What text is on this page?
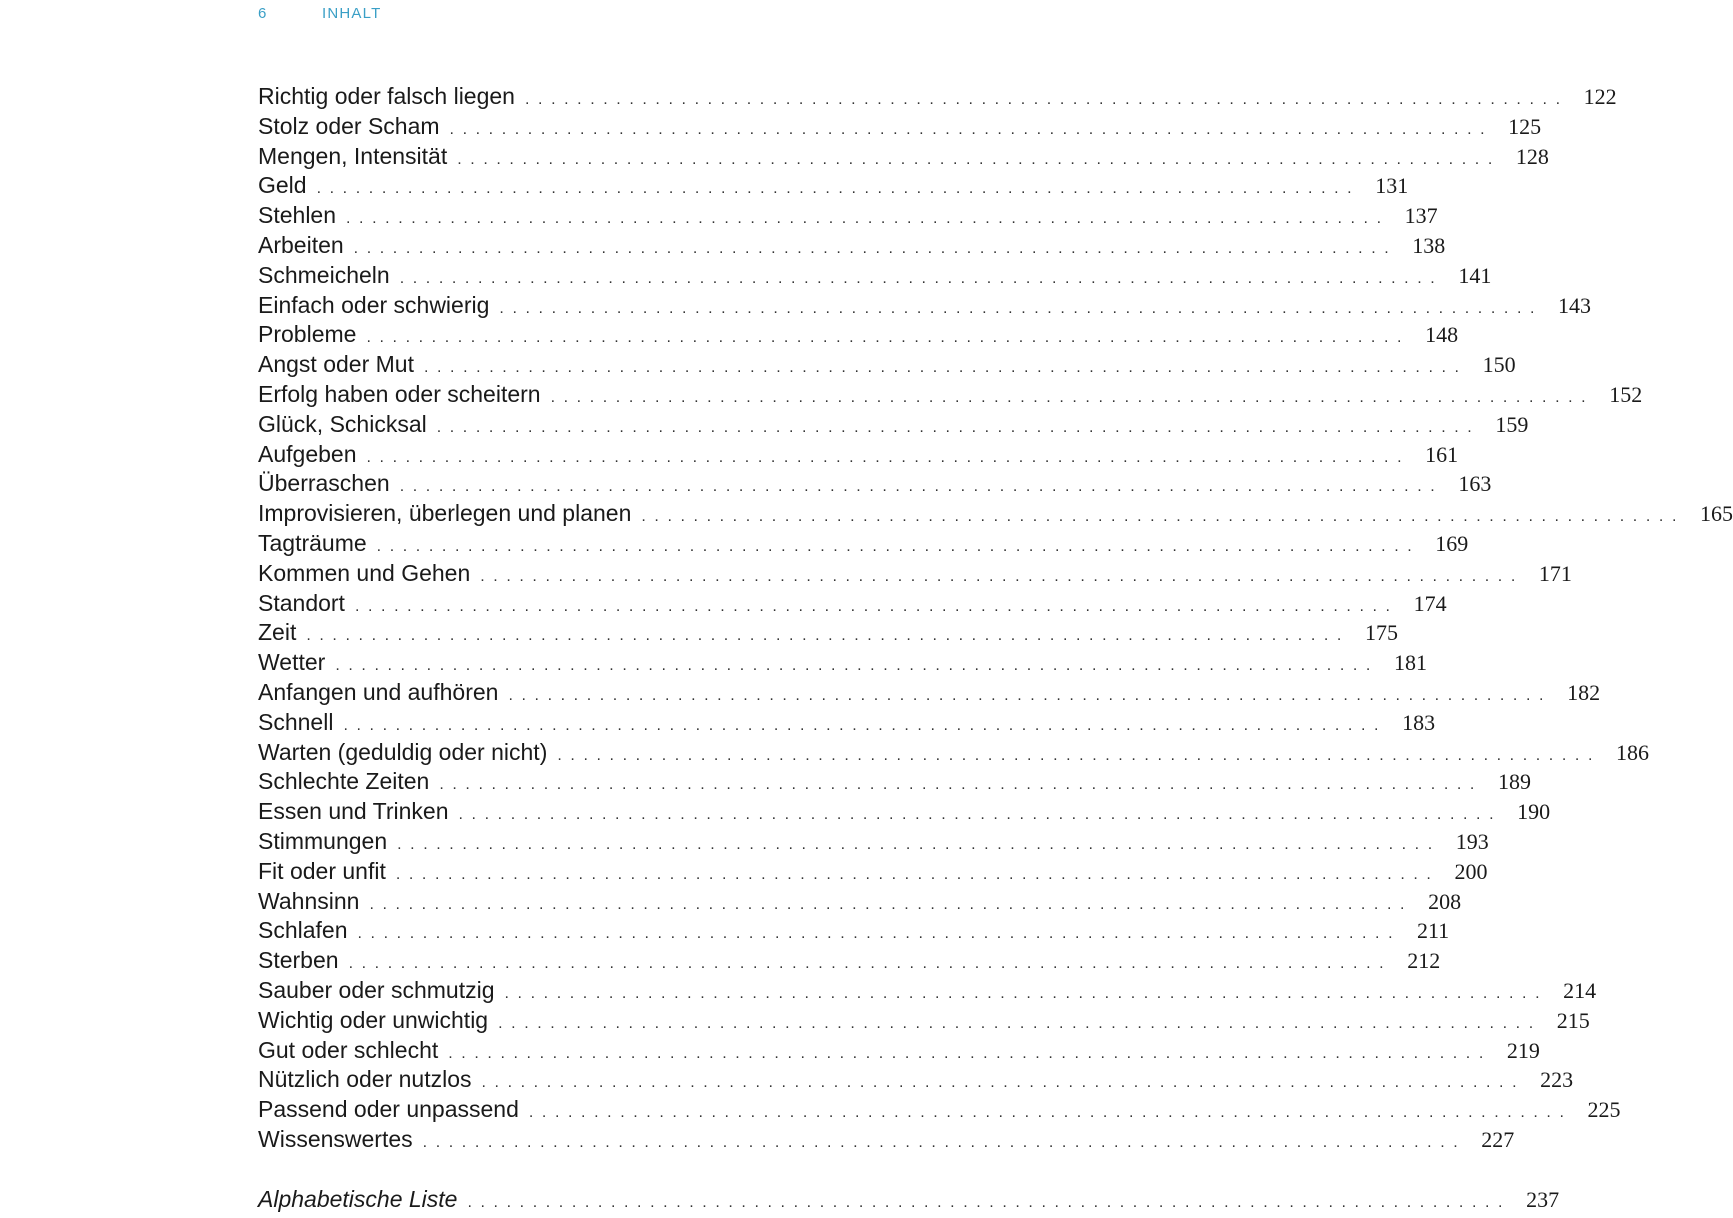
6	INHALT
Richtig oder falsch liegen ................................................................................ 122
Stolz oder Scham ................................................................................ 125
Mengen, Intensität ................................................................................ 128
Geld ................................................................................ 131
Stehlen ................................................................................ 137
Arbeiten ................................................................................ 138
Schmeicheln ................................................................................ 141
Einfach oder schwierig ................................................................................ 143
Probleme ................................................................................ 148
Angst oder Mut ................................................................................ 150
Erfolg haben oder scheitern ................................................................................ 152
Glück, Schicksal ................................................................................ 159
Aufgeben ................................................................................ 161
Überraschen ................................................................................ 163
Improvisieren, überlegen und planen ................................................................................ 165
Tagträume ................................................................................ 169
Kommen und Gehen ................................................................................ 171
Standort ................................................................................ 174
Zeit ................................................................................ 175
Wetter ................................................................................ 181
Anfangen und aufhören ................................................................................ 182
Schnell ................................................................................ 183
Warten (geduldig oder nicht) ................................................................................ 186
Schlechte Zeiten ................................................................................ 189
Essen und Trinken ................................................................................ 190
Stimmungen ................................................................................ 193
Fit oder unfit ................................................................................ 200
Wahnsinn ................................................................................ 208
Schlafen ................................................................................ 211
Sterben ................................................................................ 212
Sauber oder schmutzig ................................................................................ 214
Wichtig oder unwichtig ................................................................................ 215
Gut oder schlecht ................................................................................ 219
Nützlich oder nutzlos ................................................................................ 223
Passend oder unpassend ................................................................................ 225
Wissenswertes ................................................................................ 227
Alphabetische Liste ................................................................................ 237
